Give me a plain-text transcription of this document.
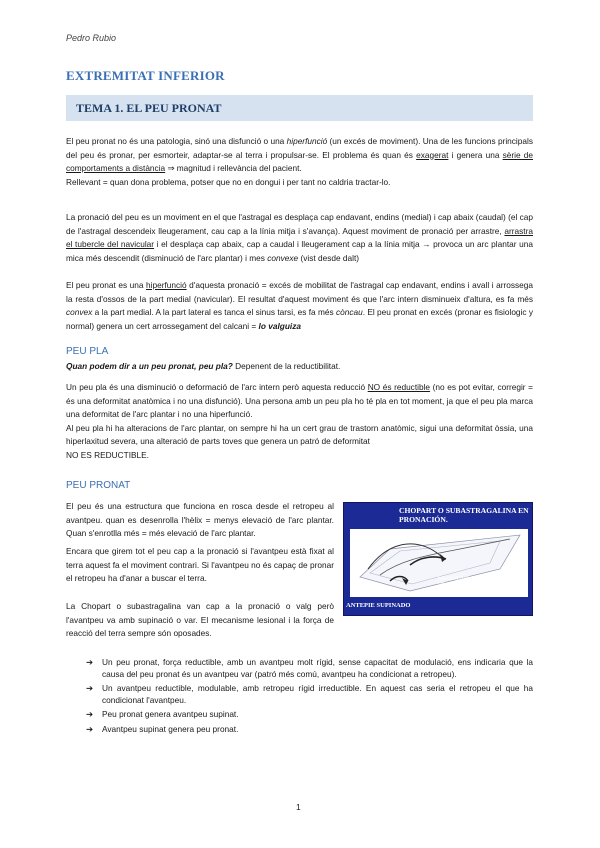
Pedro Rubio
EXTREMITAT INFERIOR
TEMA 1. EL PEU PRONAT

El peu pronat no és una patologia, sinó una disfunció o una hiperfunció (un excés de moviment). Una de les funcions principals del peu és pronar, per esmorteir, adaptar-se al terra i propulsar-se. El problema és quan és exagerat i genera una sèrie de comportaments a distància ⇒ magnitud i rellevància del pacient.
Rellevant = quan dona problema, potser que no en dongui i per tant no caldria tractar-lo.

La pronació del peu es un moviment en el que l'astragal es desplaça cap endavant, endins (medial) i cap abaix (caudal) (el cap de l'astragal descendeix lleugerament, cau cap a la línia mitja i s'avança). Aquest moviment de pronació per arrastre, arrastra el tubercle del navicular i el desplaça cap abaix, cap a caudal i lleugerament cap a la línia mitja → provoca un arc plantar una mica més descendit (disminució de l'arc plantar) i mes convexe (vist desde dalt)

El peu pronat es una hiperfunció d'aquesta pronació = excés de mobilitat de l'astragal cap endavant, endins i avall i arrossega la resta d'ossos de la part medial (navicular). El resultat d'aquest moviment és que l'arc intern disminueix d'altura, es fa més convex a la part medial. A la part lateral es tanca el sinus tarsi, es fa més còncau. El peu pronat en excés (pronar es fisiologic y normal) genera un cert arrossegament del calcani = lo valguiza

PEU PLA

Quan podem dir a un peu pronat, peu pla? Depenent de la reductibilitat.

Un peu pla és una disminució o deformació de l'arc intern però aquesta reducció NO és reductible (no es pot evitar, corregir = és una deformitat anatòmica i no una disfunció). Una persona amb un peu pla ho té pla en tot moment, ja que el peu pla marca una deformitat de l'arc plantar i no una hiperfunció.
Al peu pla hi ha alteracions de l'arc plantar, on sempre hi ha un cert grau de trastorn anatòmic, sigui una deformitat òssia, una hiperlaxitud severa, una alteració de parts toves que genera un patró de deformitat
NO ES REDUCTIBLE.

PEU PRONAT

El peu és una estructura que funciona en rosca desde el retropeu al avantpeu. quan es desenrolla l'hèlix = menys elevació de l'arc plantar. Quan s'enrotlla més = més elevació de l'arc plantar.

Encara que girem tot el peu cap a la pronació si l'avantpeu està fixat al terra aquest fa el moviment contrari. Si l'avantpeu no és capaç de pronar el retropeu ha d'anar a buscar el terra.

La Chopart o subastragalina van cap a la pronació o valg però l'avantpeu va amb supinació o var. El mecanisme lesional i la força de reacció del terra sempre són oposades.

CHOPART O SUBASTRAGALINA EN PRONACIÓN.
MECANISMO LESIONAL Y FUERZA DE REACCIÓN DEL SUELO SIEMPRE SON OPUESTAS
ANTEPIE SUPINADO
➔ Un peu pronat, força reductible, amb un avantpeu molt rígid, sense capacitat de modulació, ens indicaria que la causa del peu pronat és un avantpeu var (patró més comú, avantpeu ha condicionat a retropeu).
➔ Un avantpeu reductible, modulable, amb retropeu rígid irreductible. En aquest cas seria el retropeu el que ha condicionat l'avantpeu.
➔ Peu pronat genera avantpeu supinat.
➔ Avantpeu supinat genera peu pronat.
1
